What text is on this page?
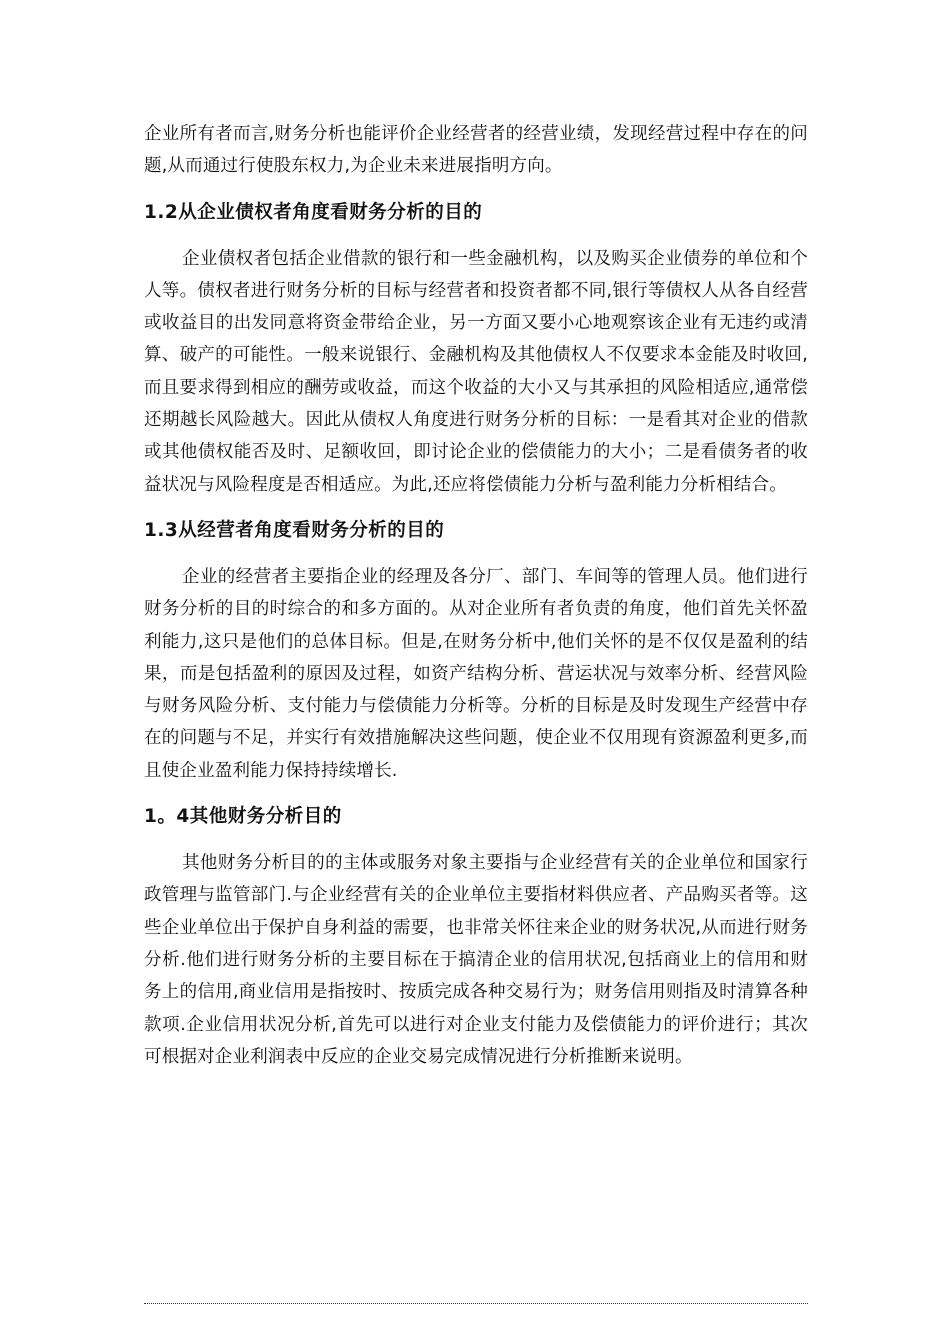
企业所有者而言,财务分析也能评价企业经营者的经营业绩，发现经营过程中存在的问题,从而通过行使股东权力,为企业未来进展指明方向。

1.2从企业债权者角度看财务分析的目的

企业债权者包括企业借款的银行和一些金融机构，以及购买企业债券的单位和个人等。债权者进行财务分析的目标与经营者和投资者都不同,银行等债权人从各自经营或收益目的出发同意将资金带给企业，另一方面又要小心地观察该企业有无违约或清算、破产的可能性。一般来说银行、金融机构及其他债权人不仅要求本金能及时收回,而且要求得到相应的酬劳或收益，而这个收益的大小又与其承担的风险相适应,通常偿还期越长风险越大。因此从债权人角度进行财务分析的目标：一是看其对企业的借款或其他债权能否及时、足额收回，即讨论企业的偿债能力的大小；二是看债务者的收益状况与风险程度是否相适应。为此,还应将偿债能力分析与盈利能力分析相结合。

1.3从经营者角度看财务分析的目的

企业的经营者主要指企业的经理及各分厂、部门、车间等的管理人员。他们进行财务分析的目的时综合的和多方面的。从对企业所有者负责的角度，他们首先关怀盈利能力,这只是他们的总体目标。但是,在财务分析中,他们关怀的是不仅仅是盈利的结果，而是包括盈利的原因及过程，如资产结构分析、营运状况与效率分析、经营风险与财务风险分析、支付能力与偿债能力分析等。分析的目标是及时发现生产经营中存在的问题与不足，并实行有效措施解决这些问题，使企业不仅用现有资源盈利更多,而且使企业盈利能力保持持续增长.

1。4其他财务分析目的

其他财务分析目的的主体或服务对象主要指与企业经营有关的企业单位和国家行政管理与监管部门.与企业经营有关的企业单位主要指材料供应者、产品购买者等。这些企业单位出于保护自身利益的需要，也非常关怀往来企业的财务状况,从而进行财务分析.他们进行财务分析的主要目标在于搞清企业的信用状况,包括商业上的信用和财务上的信用,商业信用是指按时、按质完成各种交易行为；财务信用则指及时清算各种款项.企业信用状况分析,首先可以进行对企业支付能力及偿债能力的评价进行；其次可根据对企业利润表中反应的企业交易完成情况进行分析推断来说明。
